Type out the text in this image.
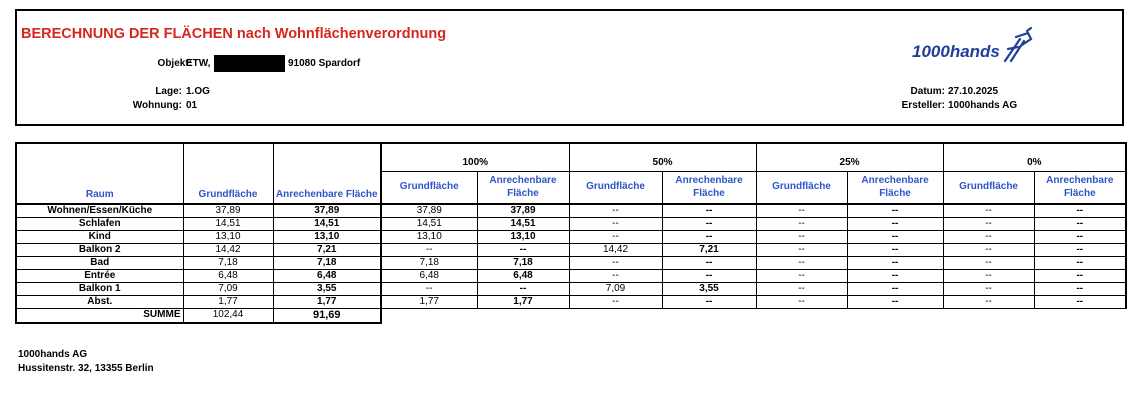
BERECHNUNG DER FLÄCHEN nach Wohnflächenverordnung
Objekt:
ETW,	91080 Spardorf
Lage: 1.OG
Wohnung: 01
Datum: 27.10.2025
Ersteller: 1000hands AG
1000hands
Raum	Grundfläche	Anrechenbare Fläche	100%		50%		25%		0%	
			Grundfläche	Anrechenbare Fläche	Grundfläche	Anrechenbare Fläche	Grundfläche	Anrechenbare Fläche	Grundfläche	Anrechenbare Fläche
Wohnen/Essen/Küche	37,89	37,89	37,89	37,89	--	--	--	--	--	--
Schlafen	14,51	14,51	14,51	14,51	--	--	--	--	--	--
Kind	13,10	13,10	13,10	13,10	--	--	--	--	--	--
Balkon 2	14,42	7,21	--	--	14,42	7,21	--	--	--	--
Bad	7,18	7,18	7,18	7,18	--	--	--	--	--	--
Entrée	6,48	6,48	6,48	6,48	--	--	--	--	--	--
Balkon 1	7,09	3,55	--	--	7,09	3,55	--	--	--	--
Abst.	1,77	1,77	1,77	1,77	--	--	--	--	--	--
SUMME	102,44	91,69								
1000hands AG
Hussitenstr. 32, 13355 Berlin
